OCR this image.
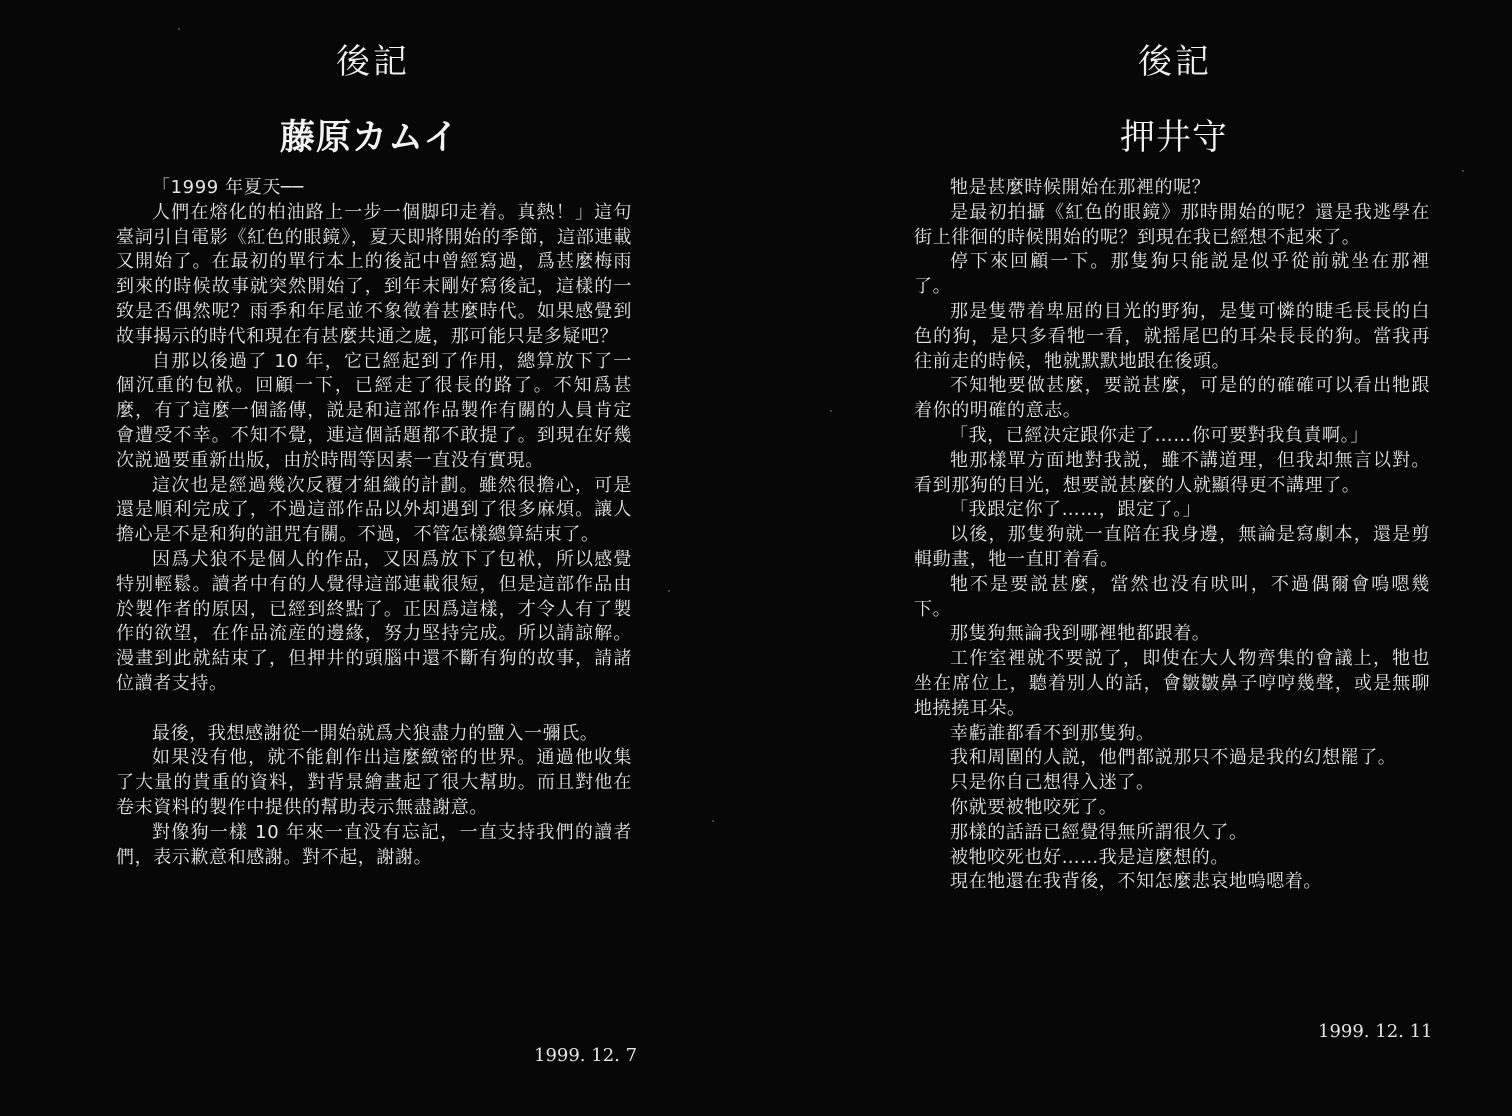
後記
藤原カムイ

「1999 年夏天──

人們在熔化的柏油路上一步一個脚印走着。真熱！」這句臺詞引自電影《紅色的眼鏡》，夏天即將開始的季節，這部連載又開始了。在最初的單行本上的後記中曾經寫過，爲甚麼梅雨到來的時候故事就突然開始了，到年末剛好寫後記，這樣的一致是否偶然呢？雨季和年尾並不象徵着甚麼時代。如果感覺到故事揭示的時代和現在有甚麼共通之處，那可能只是多疑吧？

自那以後過了 10 年，它已經起到了作用，總算放下了一個沉重的包袱。回顧一下，已經走了很長的路了。不知爲甚麼，有了這麼一個謠傳，説是和這部作品製作有關的人員肯定會遭受不幸。不知不覺，連這個話題都不敢提了。到現在好幾次説過要重新出版，由於時間等因素一直没有實現。

這次也是經過幾次反覆才組織的計劃。雖然很擔心，可是還是順利完成了，不過這部作品以外却遇到了很多麻煩。讓人擔心是不是和狗的詛咒有關。不過，不管怎樣總算結束了。

因爲犬狼不是個人的作品，又因爲放下了包袱，所以感覺特别輕鬆。讀者中有的人覺得這部連載很短，但是這部作品由於製作者的原因，已經到終點了。正因爲這樣，才令人有了製作的欲望，在作品流産的邊緣，努力堅持完成。所以請諒解。漫畫到此就結束了，但押井的頭腦中還不斷有狗的故事，請諸位讀者支持。

最後，我想感謝從一開始就爲犬狼盡力的鹽入一彌氏。

如果没有他，就不能創作出這麼緻密的世界。通過他收集了大量的貴重的資料，對背景繪畫起了很大幫助。而且對他在卷末資料的製作中提供的幫助表示無盡謝意。

對像狗一樣 10 年來一直没有忘記，一直支持我們的讀者們，表示歉意和感謝。對不起，謝謝。

1999. 12. 7
後記
押井守

牠是甚麼時候開始在那裡的呢？

是最初拍攝《紅色的眼鏡》那時開始的呢？還是我逃學在街上徘徊的時候開始的呢？到現在我已經想不起來了。

停下來回顧一下。那隻狗只能説是似乎從前就坐在那裡了。

那是隻帶着卑屈的目光的野狗，是隻可憐的睫毛長長的白色的狗，是只多看牠一看，就摇尾巴的耳朵長長的狗。當我再往前走的時候，牠就默默地跟在後頭。

不知牠要做甚麼，要説甚麼，可是的的確確可以看出牠跟着你的明確的意志。

「我，已經决定跟你走了……你可要對我負責啊。」

牠那樣單方面地對我説，雖不講道理，但我却無言以對。看到那狗的目光，想要説甚麼的人就顯得更不講理了。

「我跟定你了……，跟定了。」

以後，那隻狗就一直陪在我身邊，無論是寫劇本，還是剪輯動畫，牠一直盯着看。

牠不是要説甚麼，當然也没有吠叫，不過偶爾會嗚嗯幾下。

那隻狗無論我到哪裡牠都跟着。

工作室裡就不要説了，即使在大人物齊集的會議上，牠也坐在席位上，聽着别人的話，會皺皺鼻子哼哼幾聲，或是無聊地撓撓耳朵。

幸虧誰都看不到那隻狗。

我和周圍的人説，他們都説那只不過是我的幻想罷了。

只是你自己想得入迷了。

你就要被牠咬死了。

那樣的話語已經覺得無所謂很久了。

被牠咬死也好……我是這麼想的。

現在牠還在我背後，不知怎麼悲哀地嗚嗯着。

1999. 12. 11
